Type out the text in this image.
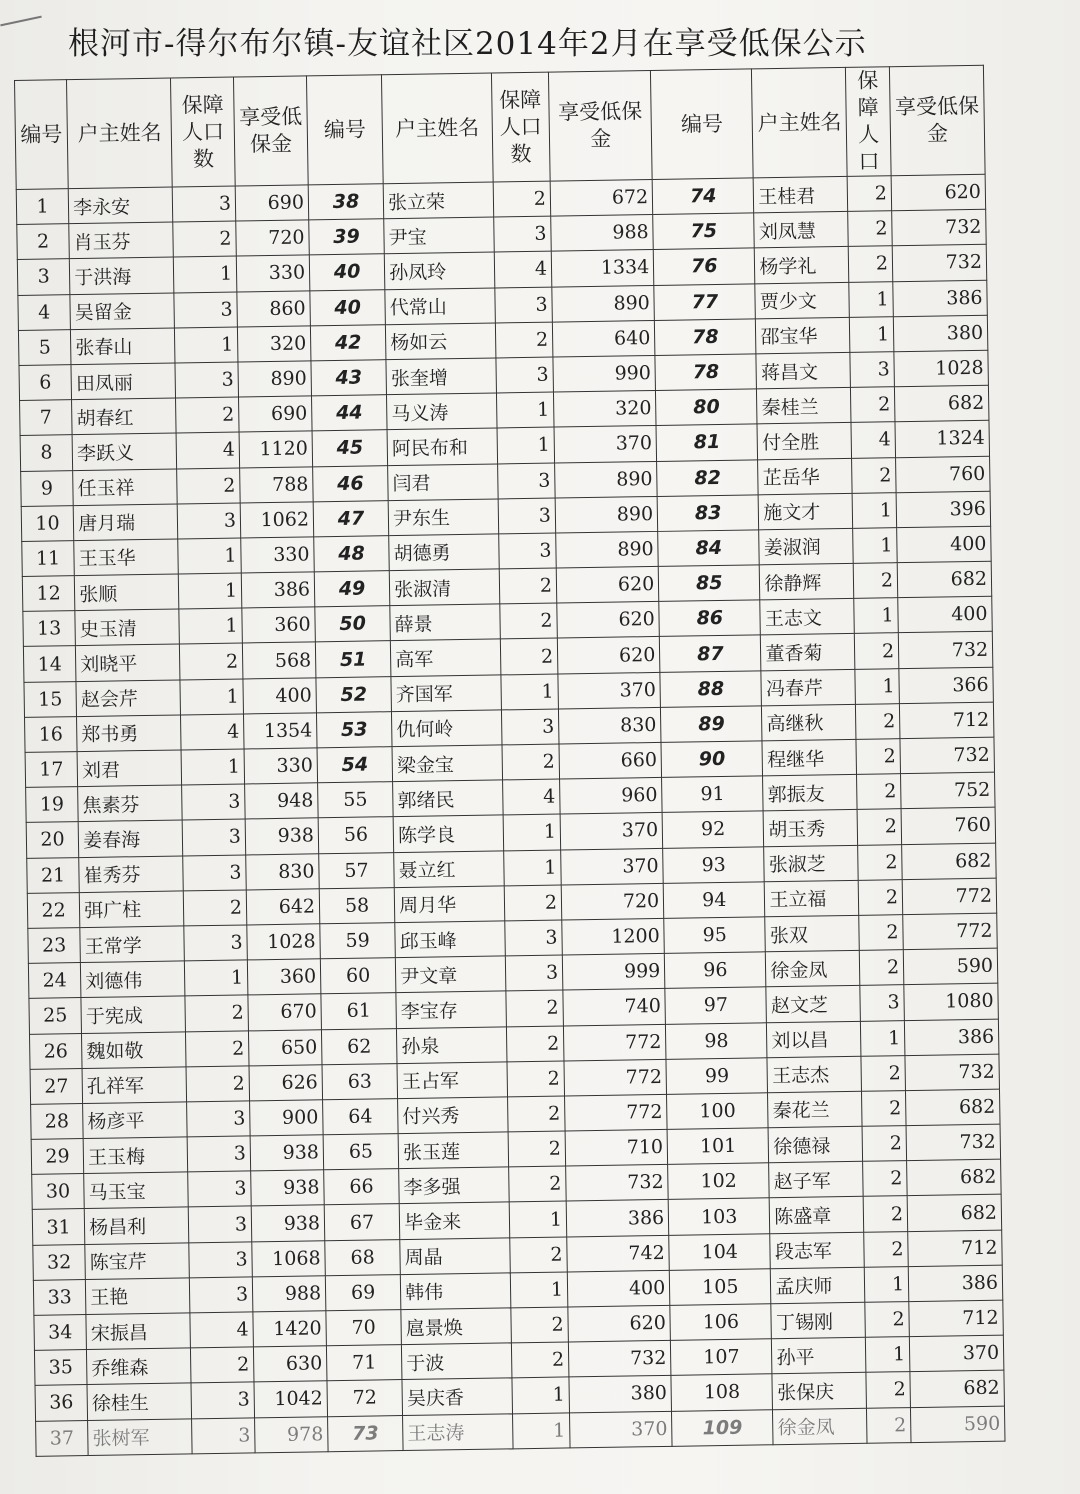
根河市-得尔布尔镇-友谊社区2014年2月在享受低保公示
编号	户主姓名	保障人口数	享受低保金	编号	户主姓名	保障人口数	享受低保金	编号	户主姓名	保障人口	享受低保金
1	李永安	3	690	38	张立荣	2	672	74	王桂君	2	620
2	肖玉芬	2	720	39	尹宝	3	988	75	刘凤慧	2	732
3	于洪海	1	330	40	孙凤玲	4	1334	76	杨学礼	2	732
4	吴留金	3	860	40	代常山	3	890	77	贾少文	1	386
5	张春山	1	320	42	杨如云	2	640	78	邵宝华	1	380
6	田凤丽	3	890	43	张奎增	3	990	78	蒋昌文	3	1028
7	胡春红	2	690	44	马义涛	1	320	80	秦桂兰	2	682
8	李跃义	4	1120	45	阿民布和	1	370	81	付全胜	4	1324
9	任玉祥	2	788	46	闫君	3	890	82	芷岳华	2	760
10	唐月瑞	3	1062	47	尹东生	3	890	83	施文才	1	396
11	王玉华	1	330	48	胡德勇	3	890	84	姜淑润	1	400
12	张顺	1	386	49	张淑清	2	620	85	徐静辉	2	682
13	史玉清	1	360	50	薛景	2	620	86	王志文	1	400
14	刘晓平	2	568	51	高军	2	620	87	董香菊	2	732
15	赵会芹	1	400	52	齐国军	1	370	88	冯春芹	1	366
16	郑书勇	4	1354	53	仇何岭	3	830	89	高继秋	2	712
17	刘君	1	330	54	梁金宝	2	660	90	程继华	2	732
19	焦素芬	3	948	55	郭绪民	4	960	91	郭振友	2	752
20	姜春海	3	938	56	陈学良	1	370	92	胡玉秀	2	760
21	崔秀芬	3	830	57	聂立红	1	370	93	张淑芝	2	682
22	弭广柱	2	642	58	周月华	2	720	94	王立福	2	772
23	王常学	3	1028	59	邱玉峰	3	1200	95	张双	2	772
24	刘德伟	1	360	60	尹文章	3	999	96	徐金凤	2	590
25	于宪成	2	670	61	李宝存	2	740	97	赵文芝	3	1080
26	魏如敬	2	650	62	孙泉	2	772	98	刘以昌	1	386
27	孔祥军	2	626	63	王占军	2	772	99	王志杰	2	732
28	杨彦平	3	900	64	付兴秀	2	772	100	秦花兰	2	682
29	王玉梅	3	938	65	张玉莲	2	710	101	徐德禄	2	732
30	马玉宝	3	938	66	李多强	2	732	102	赵子军	2	682
31	杨昌利	3	938	67	毕金来	1	386	103	陈盛章	2	682
32	陈宝芹	3	1068	68	周晶	2	742	104	段志军	2	712
33	王艳	3	988	69	韩伟	1	400	105	孟庆师	1	386
34	宋振昌	4	1420	70	扈景焕	2	620	106	丁锡刚	2	712
35	乔维森	2	630	71	于波	2	732	107	孙平	1	370
36	徐桂生	3	1042	72	吴庆香	1	380	108	张保庆	2	682
37	张树军	3	978	73	王志涛	1	370	109	徐金凤	2	590
